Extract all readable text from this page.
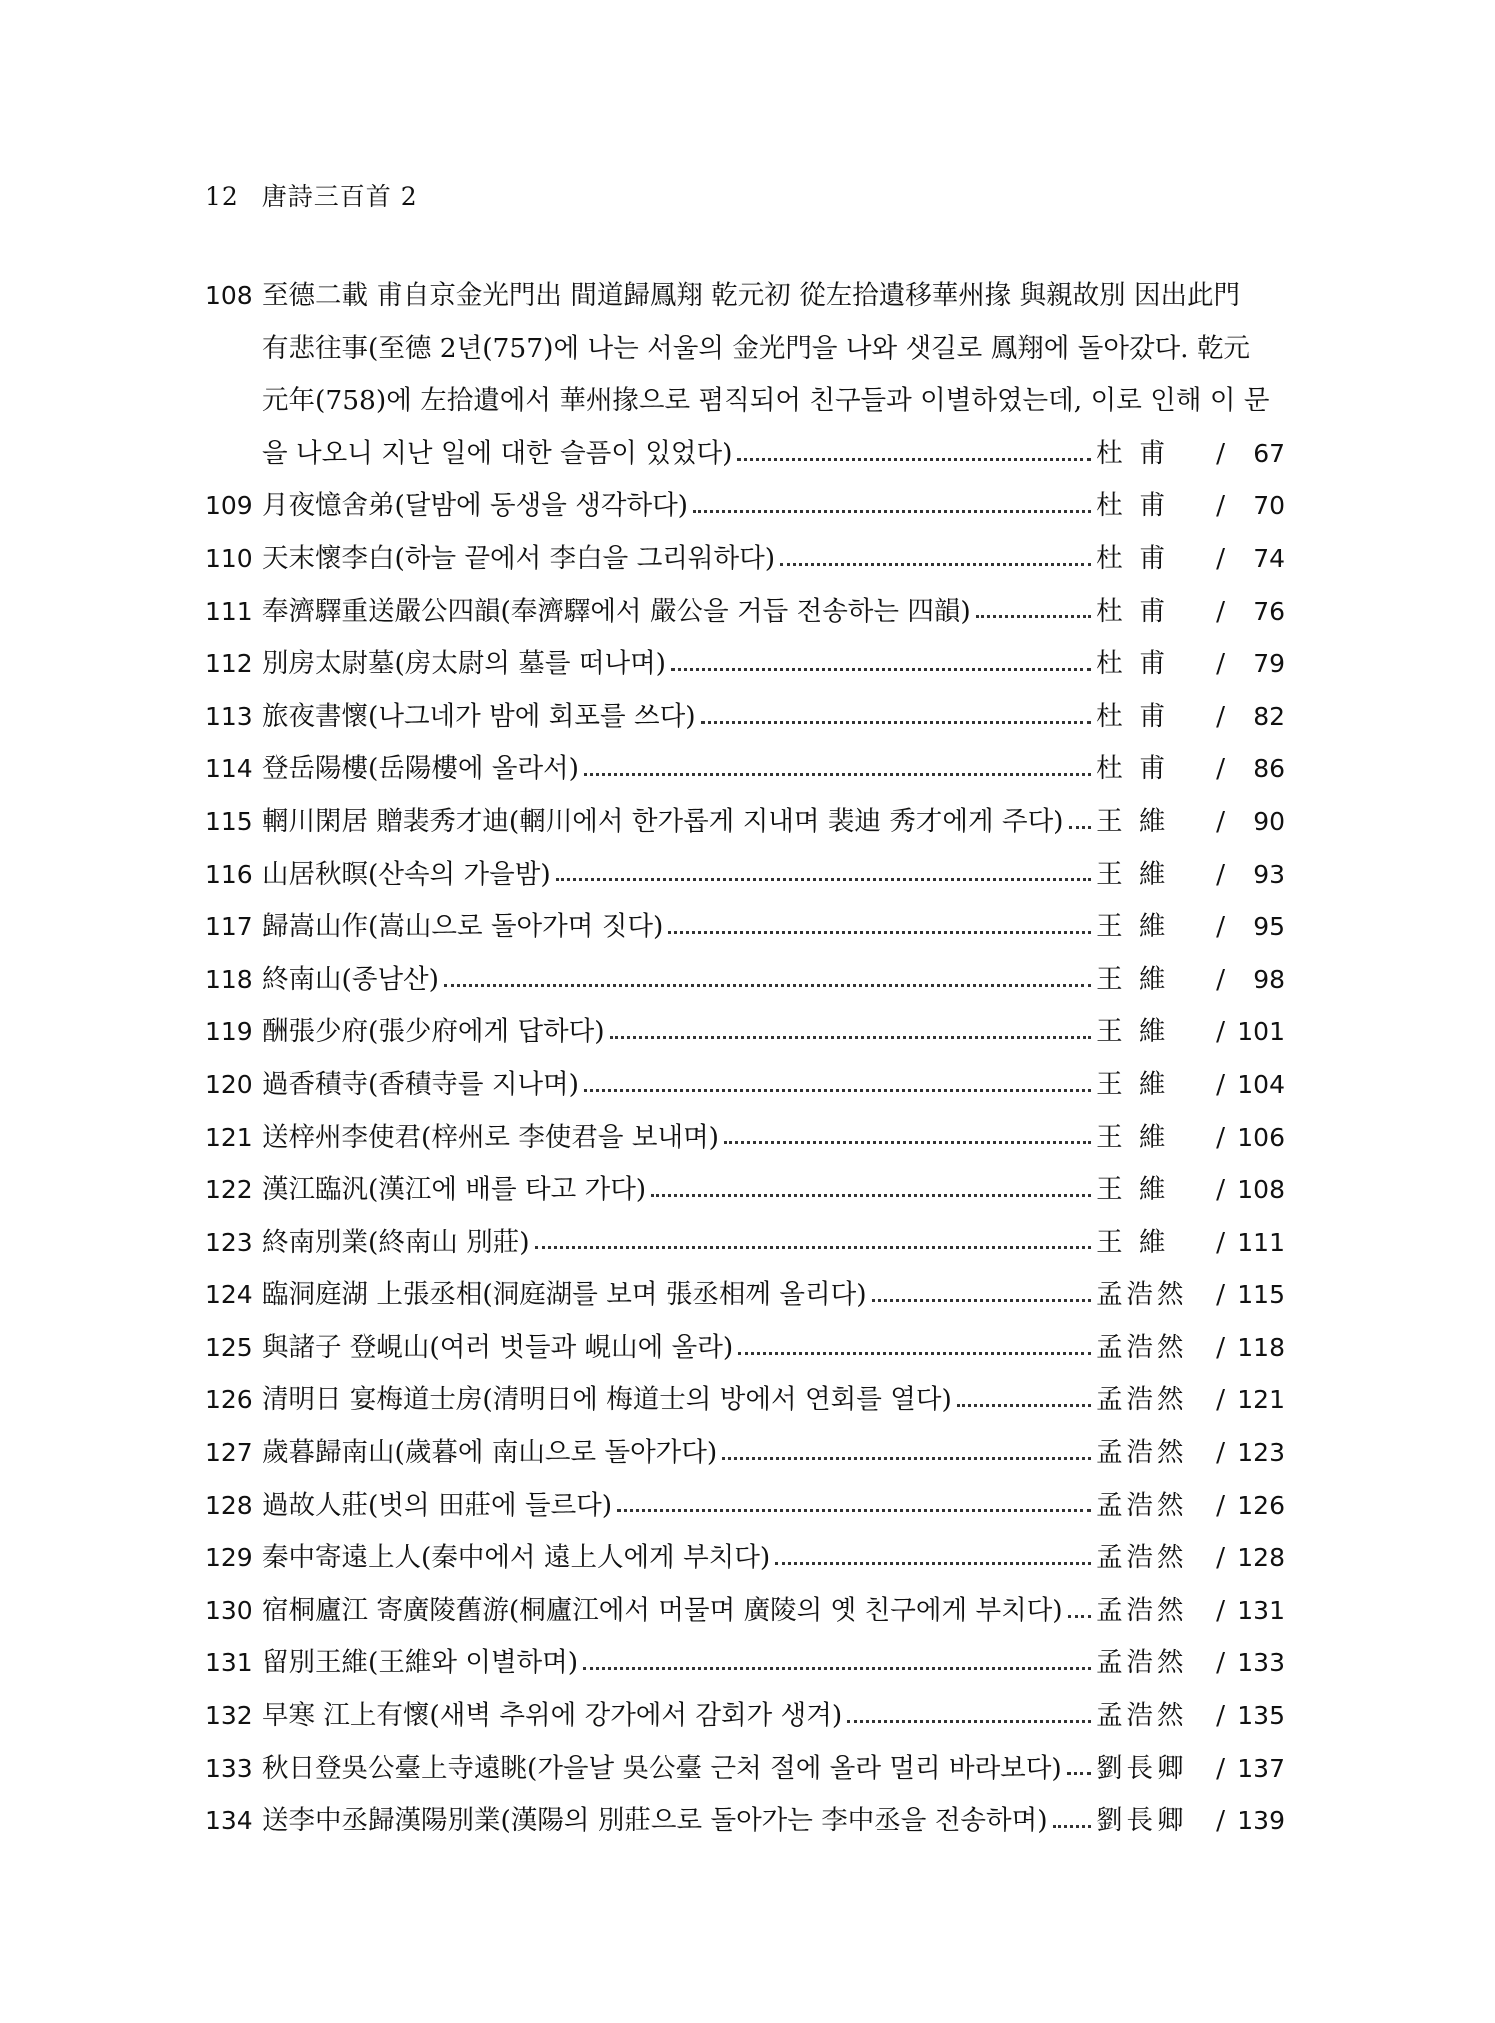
12 唐詩三百首 2
108 至德二載 甫自京金光門出 間道歸鳳翔 乾元初 從左拾遺移華州掾 與親故別 因出此門
有悲往事(至德 2년(757)에 나는 서울의 金光門을 나와 샛길로 鳳翔에 돌아갔다. 乾元
元年(758)에 左拾遺에서 華州掾으로 폄직되어 친구들과 이별하였는데, 이로 인해 이 문
을 나오니 지난 일에 대한 슬픔이 있었다)	杜 甫	/	67
109 月夜憶舍弟(달밤에 동생을 생각하다)	杜 甫	/	70
110 天末懷李白(하늘 끝에서 李白을 그리워하다)	杜 甫	/	74
111 奉濟驛重送嚴公四韻(奉濟驛에서 嚴公을 거듭 전송하는 四韻)	杜 甫	/	76
112 別房太尉墓(房太尉의 墓를 떠나며)	杜 甫	/	79
113 旅夜書懷(나그네가 밤에 회포를 쓰다)	杜 甫	/	82
114 登岳陽樓(岳陽樓에 올라서)	杜 甫	/	86
115 輞川閑居 贈裴秀才迪(輞川에서 한가롭게 지내며 裴迪 秀才에게 주다) 王 維	/	90
116 山居秋暝(산속의 가을밤)	王 維	/	93
117 歸嵩山作(嵩山으로 돌아가며 짓다)	王 維	/	95
118 終南山(종남산)	王 維	/	98
119 酬張少府(張少府에게 답하다)	王 維	/ 101
120 過香積寺(香積寺를 지나며)	王 維	/ 104
121 送梓州李使君(梓州로 李使君을 보내며)	王 維	/ 106
122 漢江臨汎(漢江에 배를 타고 가다)	王 維	/ 108
123 終南別業(終南山 別莊)	王 維	/ 111
124 臨洞庭湖 上張丞相(洞庭湖를 보며 張丞相께 올리다)	孟浩然	/ 115
125 與諸子 登峴山(여러 벗들과 峴山에 올라)	孟浩然	/ 118
126 清明日 宴梅道士房(清明日에 梅道士의 방에서 연회를 열다)	孟浩然	/ 121
127 歲暮歸南山(歲暮에 南山으로 돌아가다)	孟浩然	/ 123
128 過故人莊(벗의 田莊에 들르다)	孟浩然	/ 126
129 秦中寄遠上人(秦中에서 遠上人에게 부치다)	孟浩然	/ 128
130 宿桐廬江 寄廣陵舊游(桐廬江에서 머물며 廣陵의 옛 친구에게 부치다) 孟浩然	/ 131
131 留別王維(王維와 이별하며)	孟浩然	/ 133
132 早寒 江上有懷(새벽 추위에 강가에서 감회가 생겨)	孟浩然	/ 135
133 秋日登吳公臺上寺遠眺(가을날 吳公臺 근처 절에 올라 멀리 바라보다) 劉長卿	/ 137
134 送李中丞歸漢陽別業(漢陽의 別莊으로 돌아가는 李中丞을 전송하며) 劉長卿	/ 139
